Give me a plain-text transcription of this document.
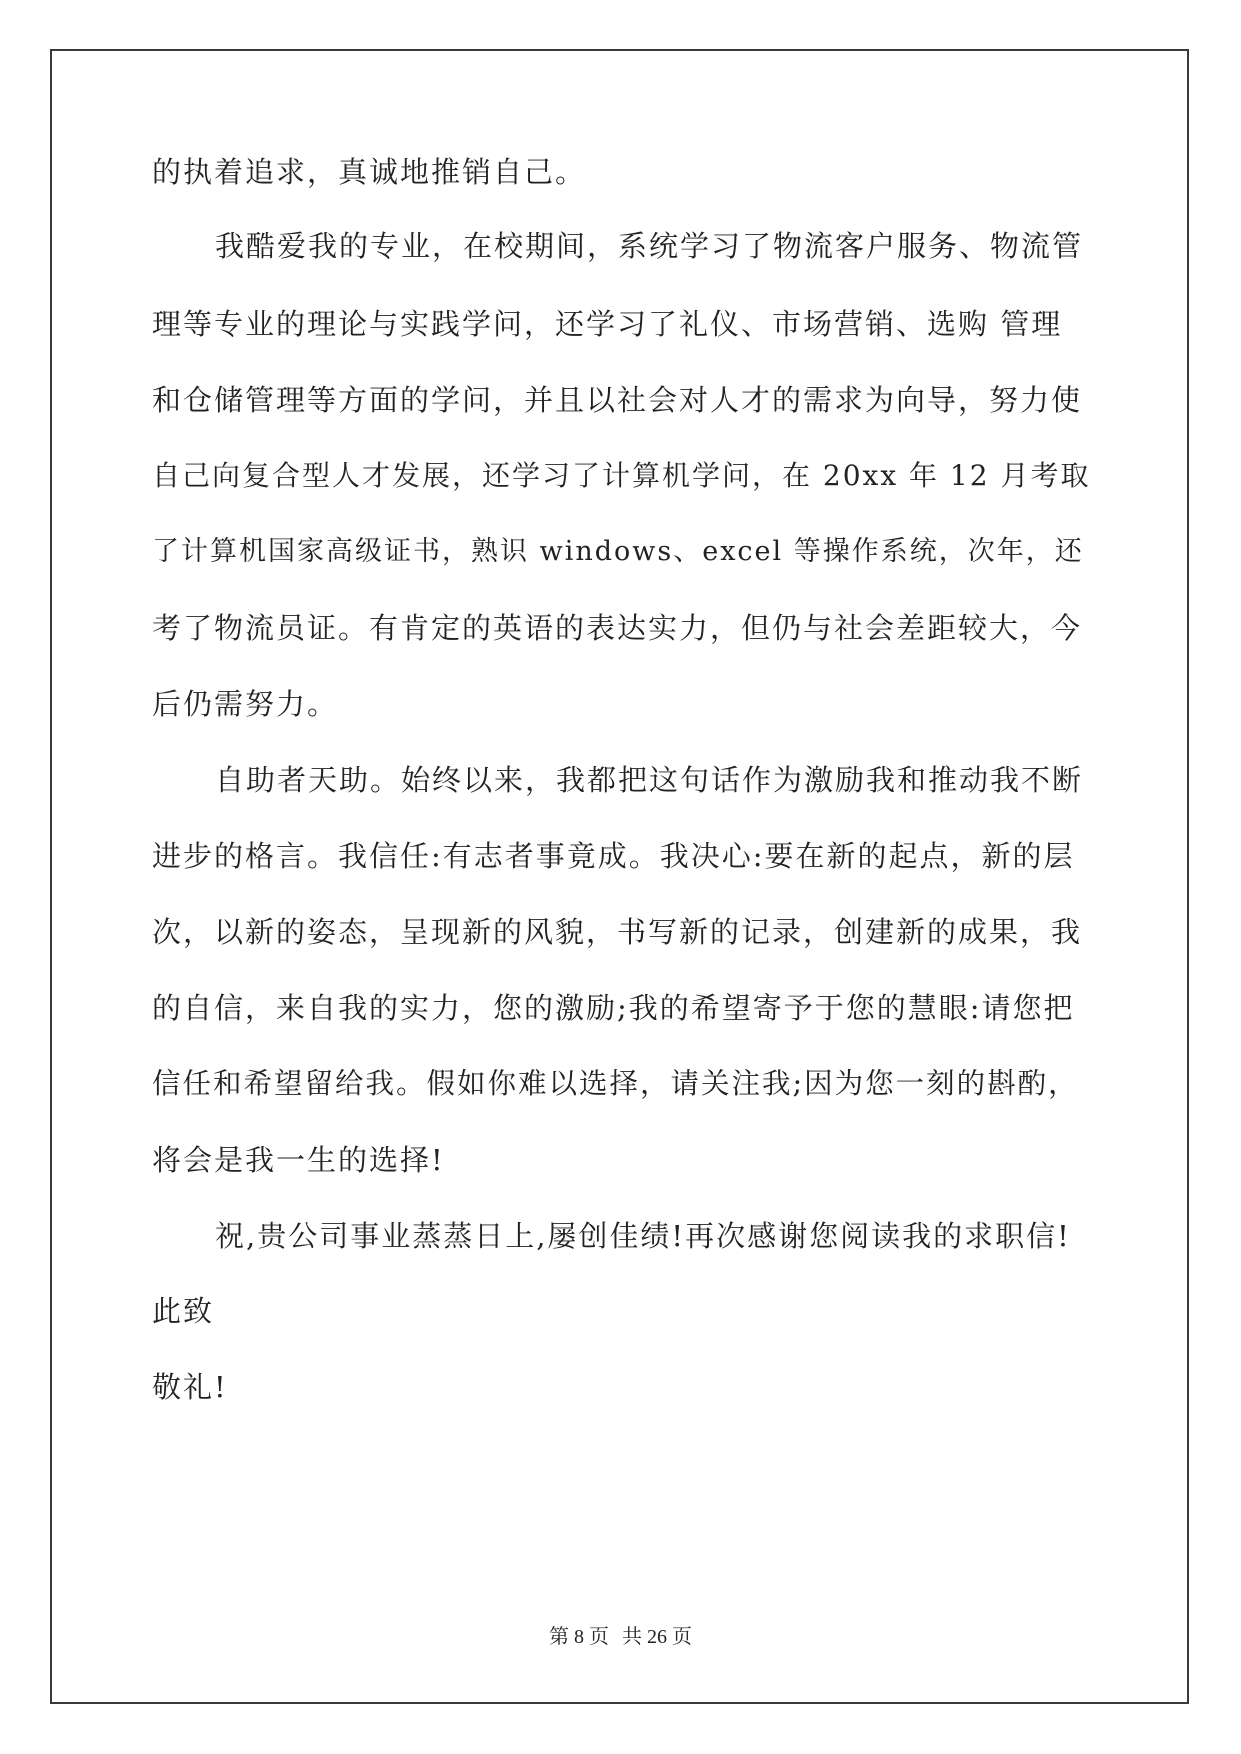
的执着追求，真诚地推销自己。
我酷爱我的专业，在校期间，系统学习了物流客户服务、物流管
理等专业的理论与实践学问，还学习了礼仪、市场营销、选购 管理
和仓储管理等方面的学问，并且以社会对人才的需求为向导，努力使
自己向复合型人才发展，还学习了计算机学问，在 20xx 年 12 月考取
了计算机国家高级证书，熟识 windows、excel 等操作系统，次年，还
考了物流员证。有肯定的英语的表达实力，但仍与社会差距较大，今
后仍需努力。
自助者天助。始终以来，我都把这句话作为激励我和推动我不断
进步的格言。我信任:有志者事竟成。我决心:要在新的起点，新的层
次，以新的姿态，呈现新的风貌，书写新的记录，创建新的成果，我
的自信，来自我的实力，您的激励;我的希望寄予于您的慧眼:请您把
信任和希望留给我。假如你难以选择，请关注我;因为您一刻的斟酌，
将会是我一生的选择!
祝,贵公司事业蒸蒸日上,屡创佳绩!再次感谢您阅读我的求职信!
此致
敬礼!
第 8 页 共 26 页
